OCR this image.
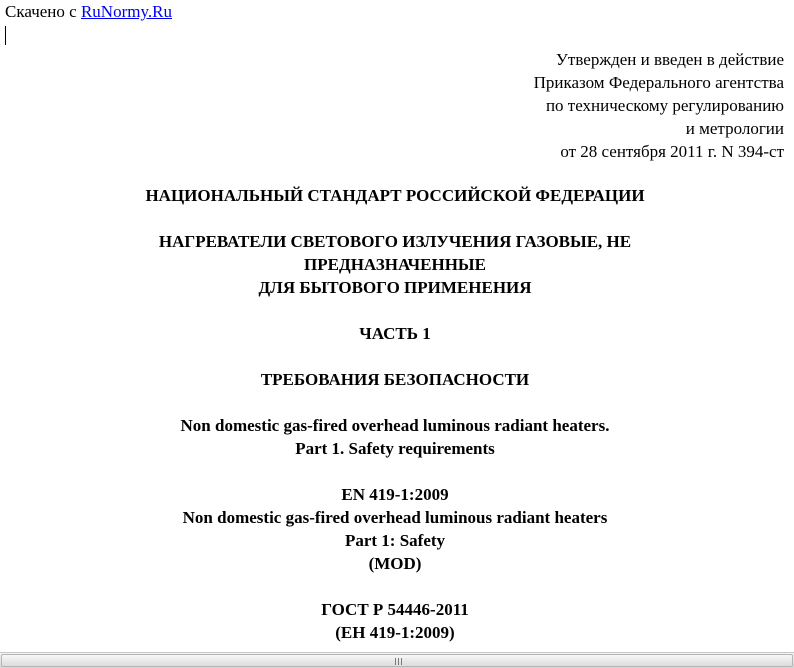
Скачено с RuNormy.Ru
Утвержден и введен в действие
Приказом Федерального агентства
по техническому регулированию
и метрологии
от 28 сентября 2011 г. N 394-ст
НАЦИОНАЛЬНЫЙ СТАНДАРТ РОССИЙСКОЙ ФЕДЕРАЦИИ
НАГРЕВАТЕЛИ СВЕТОВОГО ИЗЛУЧЕНИЯ ГАЗОВЫЕ, НЕ
ПРЕДНАЗНАЧЕННЫЕ
ДЛЯ БЫТОВОГО ПРИМЕНЕНИЯ
ЧАСТЬ 1
ТРЕБОВАНИЯ БЕЗОПАСНОСТИ
Non domestic gas-fired overhead luminous radiant heaters.
Part 1. Safety requirements
EN 419-1:2009
Non domestic gas-fired overhead luminous radiant heaters
Part 1: Safety
(MOD)
ГОСТ Р 54446-2011
(ЕН 419-1:2009)
